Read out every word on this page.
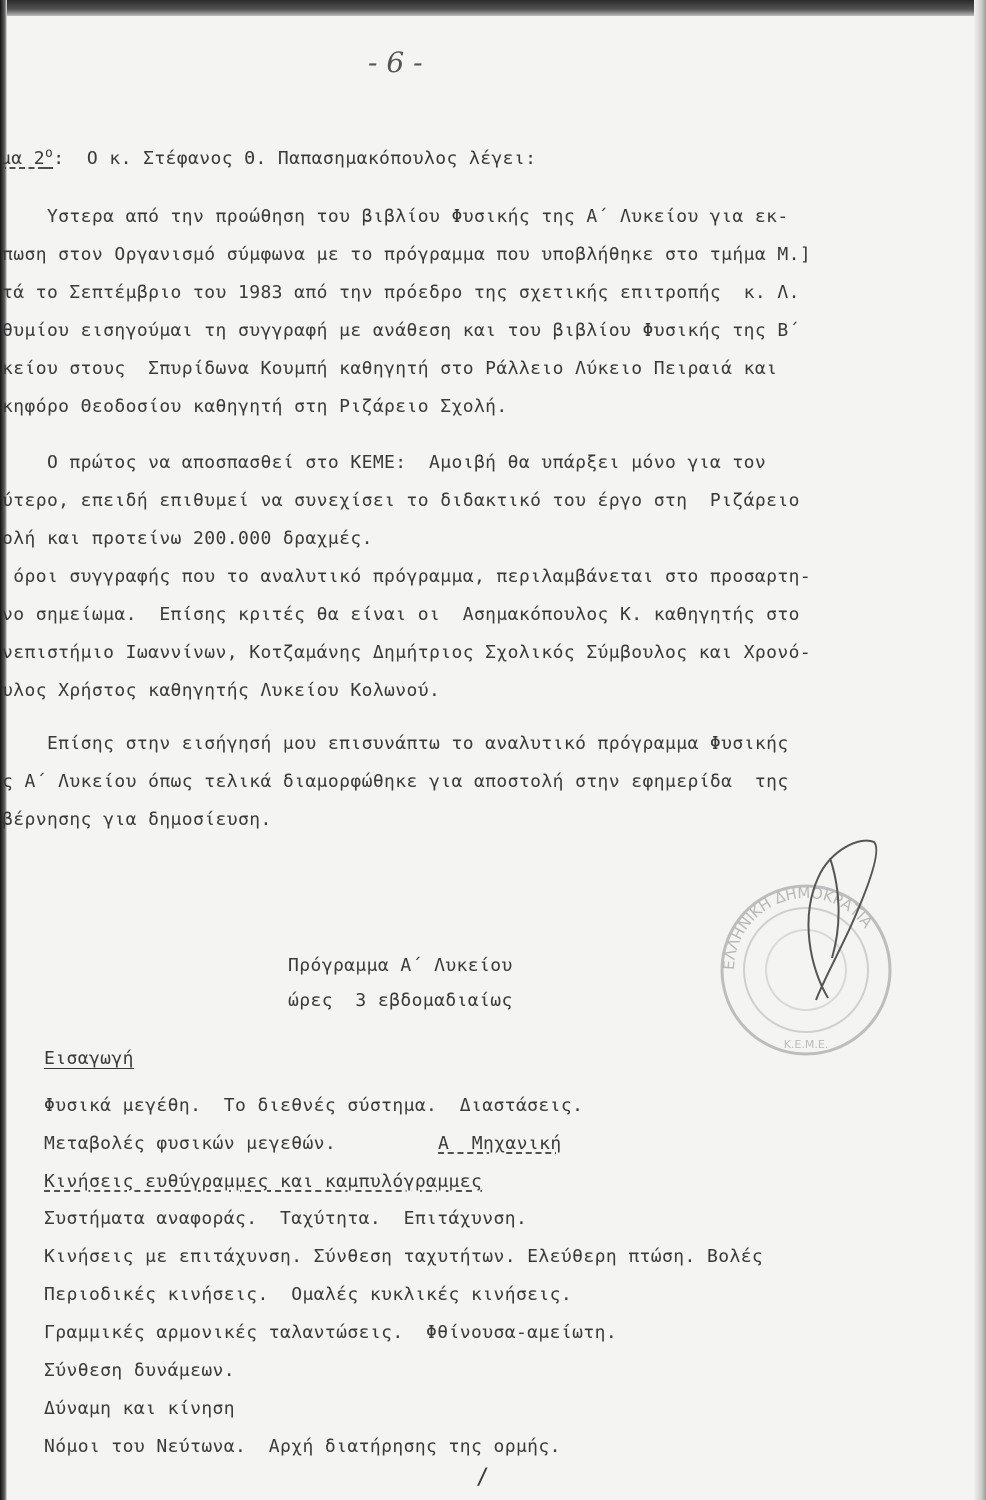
- 6 -
μα $2^o$:  Ο κ. Στέφανος Θ. Παπασημακόπουλος λέγει:
Υστερα από την προώθηση του βιβλίου Φυσικής της Α΄ Λυκείου για εκ-
πωση στον Οργανισμό σύμφωνα με το πρόγραμμα που υποβλήθηκε στο τμήμα Μ.]
τά το Σεπτέμβριο του 1983 από την πρόεδρο της σχετικής επιτροπής  κ. Λ.
θυμίου εισηγούμαι τη συγγραφή με ανάθεση και του βιβλίου Φυσικής της Β΄
κείου στους  Σπυρίδωνα Κουμπή καθηγητή στο Ράλλειο Λύκειο Πειραιά και
κηφόρο Θεοδοσίου καθηγητή στη Ριζάρειο Σχολή.
Ο πρώτος να αποσπασθεί στο ΚΕΜΕ:  Αμοιβή θα υπάρξει μόνο για τον
ύτερο, επειδή επιθυμεί να συνεχίσει το διδακτικό του έργο στη  Ριζάρειο
ολή και προτείνω 200.000 δραχμές.
όροι συγγραφής που το αναλυτικό πρόγραμμα, περιλαμβάνεται στο προσαρτη-
νο σημείωμα.  Επίσης κριτές θα είναι οι  Ασημακόπουλος Κ. καθηγητής στο
νεπιστήμιο Ιωαννίνων, Κοτζαμάνης Δημήτριος Σχολικός Σύμβουλος και Χρονό-
υλος Χρήστος καθηγητής Λυκείου Κολωνού.
Επίσης στην εισήγησή μου επισυνάπτω το αναλυτικό πρόγραμμα Φυσικής
ς Α΄ Λυκείου όπως τελικά διαμορφώθηκε για αποστολή στην εφημερίδα  της
βέρνησης για δημοσίευση.
Πρόγραμμα Α΄ Λυκείου
ώρες  3 εβδομαδιαίως
Εισαγωγή
Φυσικά μεγέθη.  Το διεθνές σύστημα.  Διαστάσεις.
Μεταβολές φυσικών μεγεθών.	Α  Μηχανική
Κινήσεις ευθύγραμμες και καμπυλόγραμμες
Συστήματα αναφοράς.  Ταχύτητα.  Επιτάχυνση.
Κινήσεις με επιτάχυνση. Σύνθεση ταχυτήτων. Ελεύθερη πτώση. Βολές
Περιοδικές κινήσεις.  Ομαλές κυκλικές κινήσεις.
Γραμμικές αρμονικές ταλαντώσεις.  Φθίνουσα-αμείωτη.
Σύνθεση δυνάμεων.
Δύναμη και κίνηση
Νόμοι του Νεύτωνα.  Αρχή διατήρησης της ορμής.
ΕΛΛΗΝΙΚΗ ΔΗΜΟΚΡΑΤΙΑ
Κ.Ε.Μ.Ε.
/
